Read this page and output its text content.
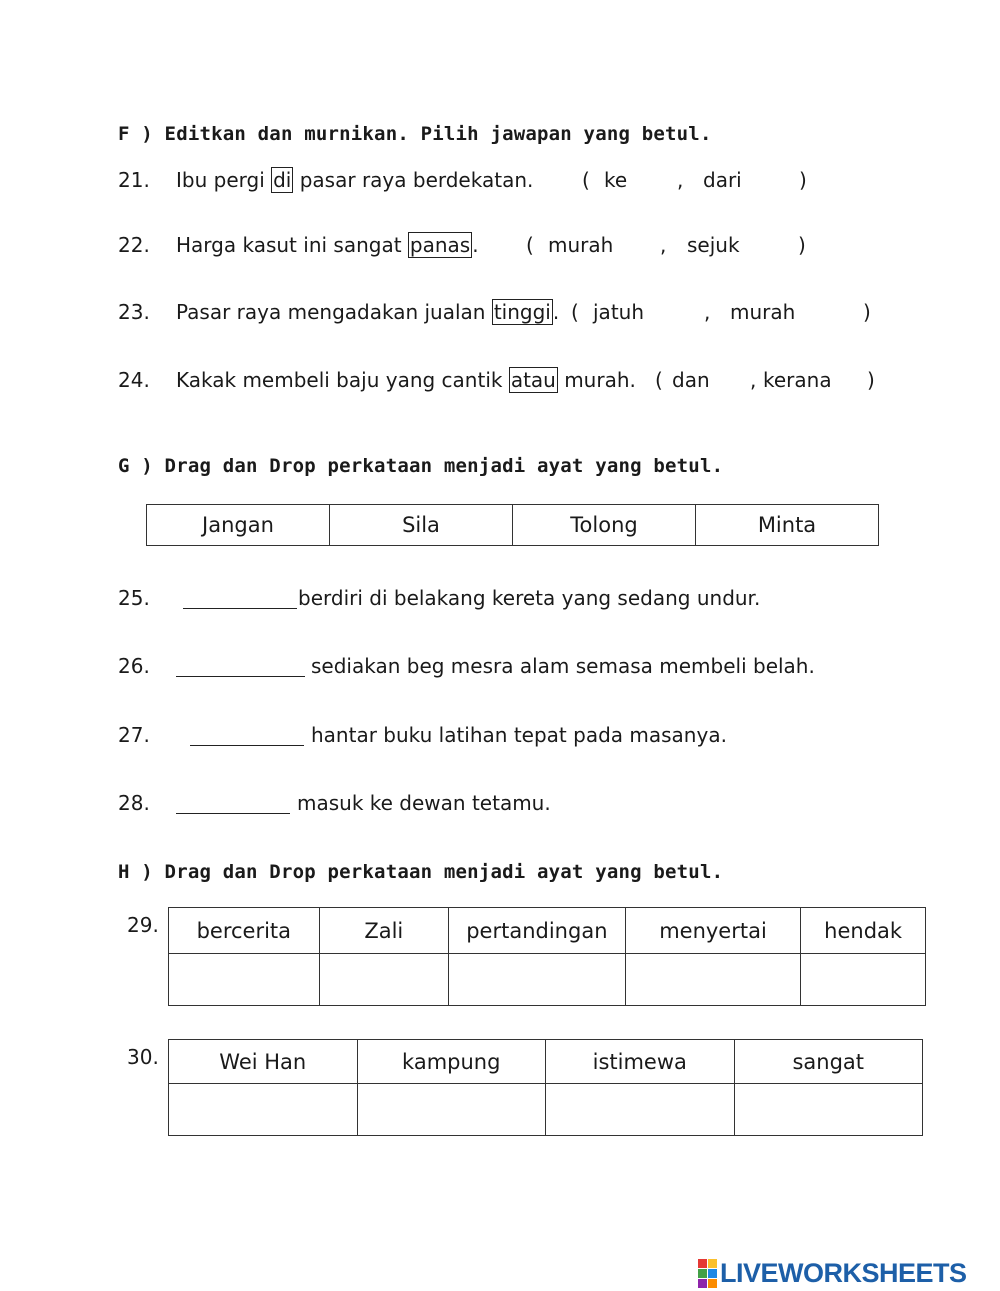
F ) Editkan dan murnikan. Pilih jawapan yang betul.
21. Ibu pergi di pasar raya berdekatan. ( ke , dari	)
22. Harga kasut ini sangat panas . ( murah , sejuk	)
23. Pasar raya mengadakan jualan tinggi . ( jatuh	, murah	)
24. Kakak membeli baju yang cantik atau murah. ( dan , kerana )
G ) Drag dan Drop perkataan menjadi ayat yang betul.
Jangan	Sila	Tolong	Minta
25.	berdiri di belakang kereta yang sedang undur.
26.	sediakan beg mesra alam semasa membeli belah.
27.	hantar buku latihan tepat pada masanya.
28.	masuk ke dewan tetamu.
H ) Drag dan Drop perkataan menjadi ayat yang betul.
29. bercerita	Zali	pertandingan	menyertai	hendak

30.	Wei Han	kampung	istimewa	sangat

LIVEWORKSHEETS
